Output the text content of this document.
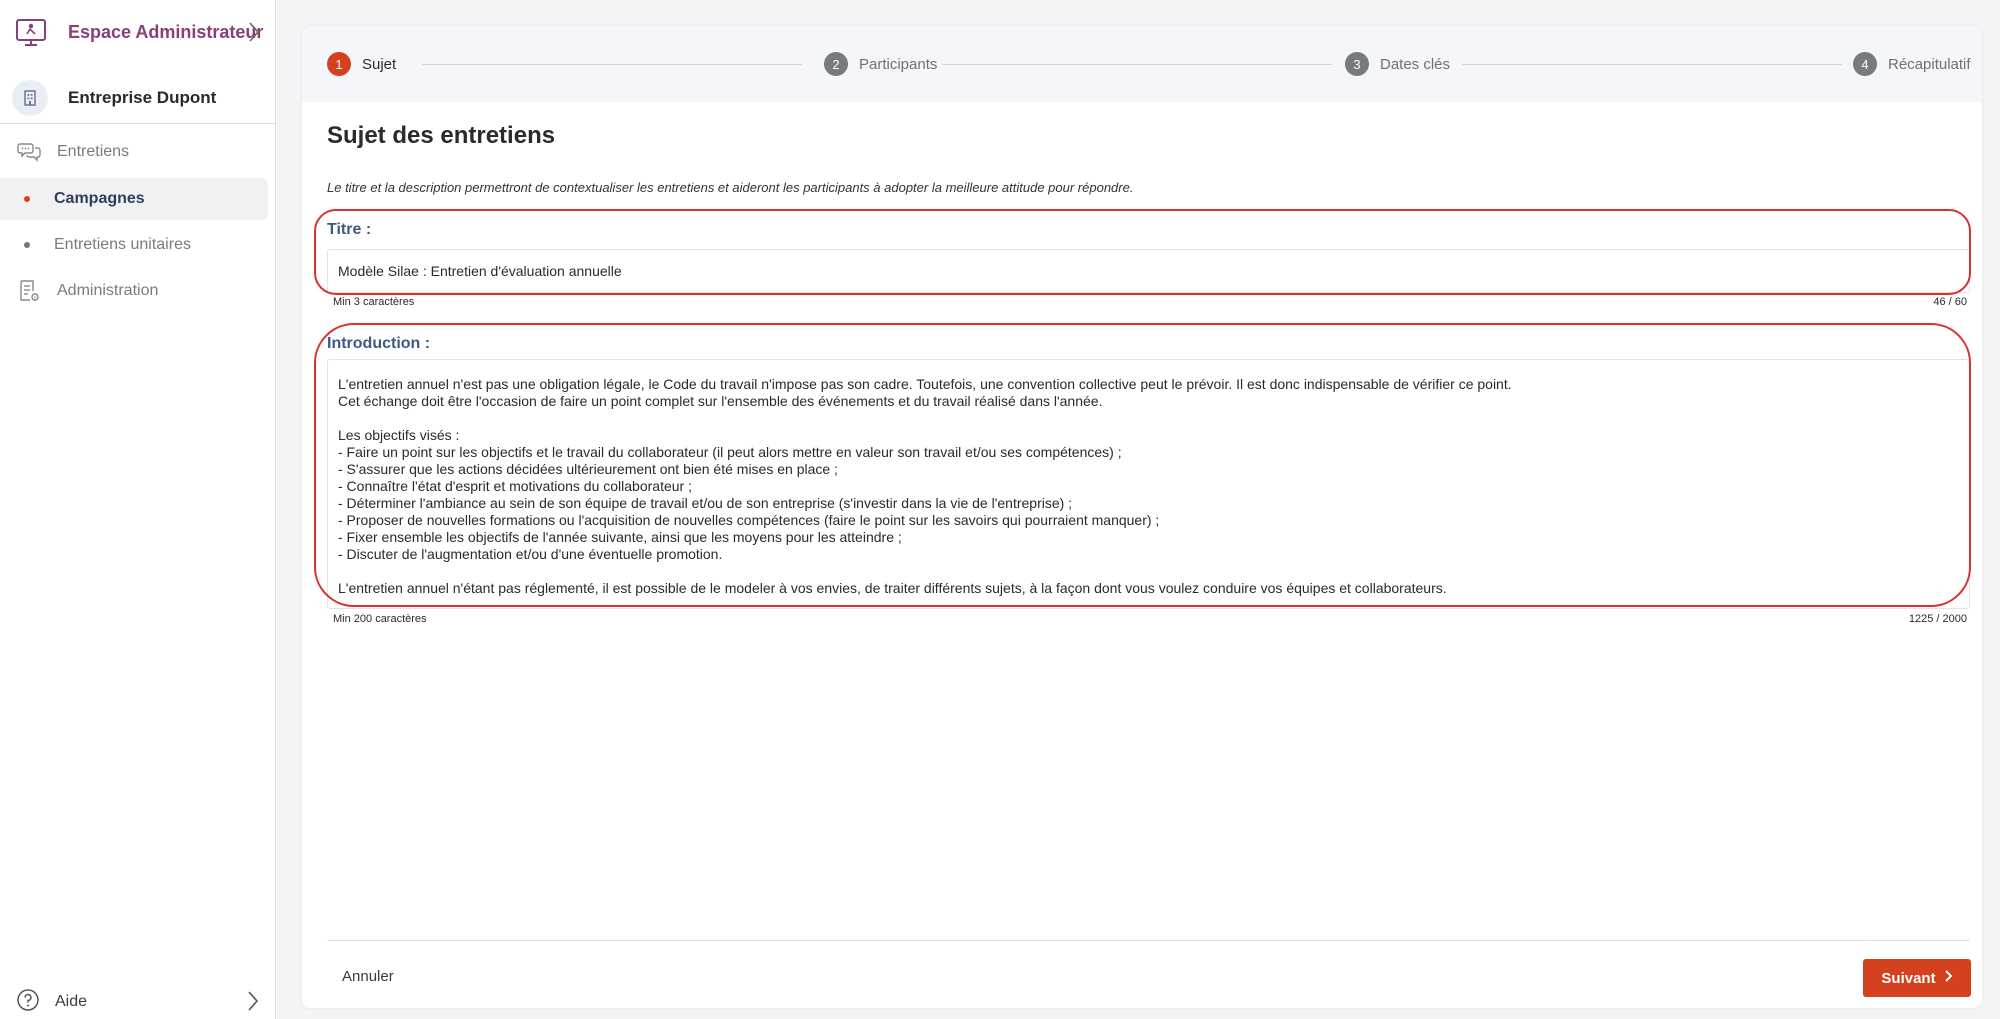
Espace Administrateur
Entreprise Dupont
Entretiens
Campagnes
Entretiens unitaires
Administration
Aide
1	Sujet	2	Participants	3	Dates clés	4	Récapitulatif
Sujet des entretiens

Le titre et la description permettront de contextualiser les entretiens et aideront les participants à adopter la meilleure attitude pour répondre.

Titre :
Modèle Silae : Entretien d'évaluation annuelle
Min 3 caractères	46 / 60
Introduction :
L'entretien annuel n'est pas une obligation légale, le Code du travail n'impose pas son cadre. Toutefois, une convention collective peut le prévoir. Il est donc indispensable de vérifier ce point. Cet échange doit être l'occasion de faire un point complet sur l'ensemble des événements et du travail réalisé dans l'année. Les objectifs visés : - Faire un point sur les objectifs et le travail du collaborateur (il peut alors mettre en valeur son travail et/ou ses compétences) ; - S'assurer que les actions décidées ultérieurement ont bien été mises en place ; - Connaître l'état d'esprit et motivations du collaborateur ; - Déterminer l'ambiance au sein de son équipe de travail et/ou de son entreprise (s'investir dans la vie de l'entreprise) ; - Proposer de nouvelles formations ou l'acquisition de nouvelles compétences (faire le point sur les savoirs qui pourraient manquer) ; - Fixer ensemble les objectifs de l'année suivante, ainsi que les moyens pour les atteindre ; - Discuter de l'augmentation et/ou d'une éventuelle promotion. L'entretien annuel n'étant pas réglementé, il est possible de le modeler à vos envies, de traiter différents sujets, à la façon dont vous voulez conduire vos équipes et collaborateurs.
Min 200 caractères	1225 / 2000
Annuler	Suivant
